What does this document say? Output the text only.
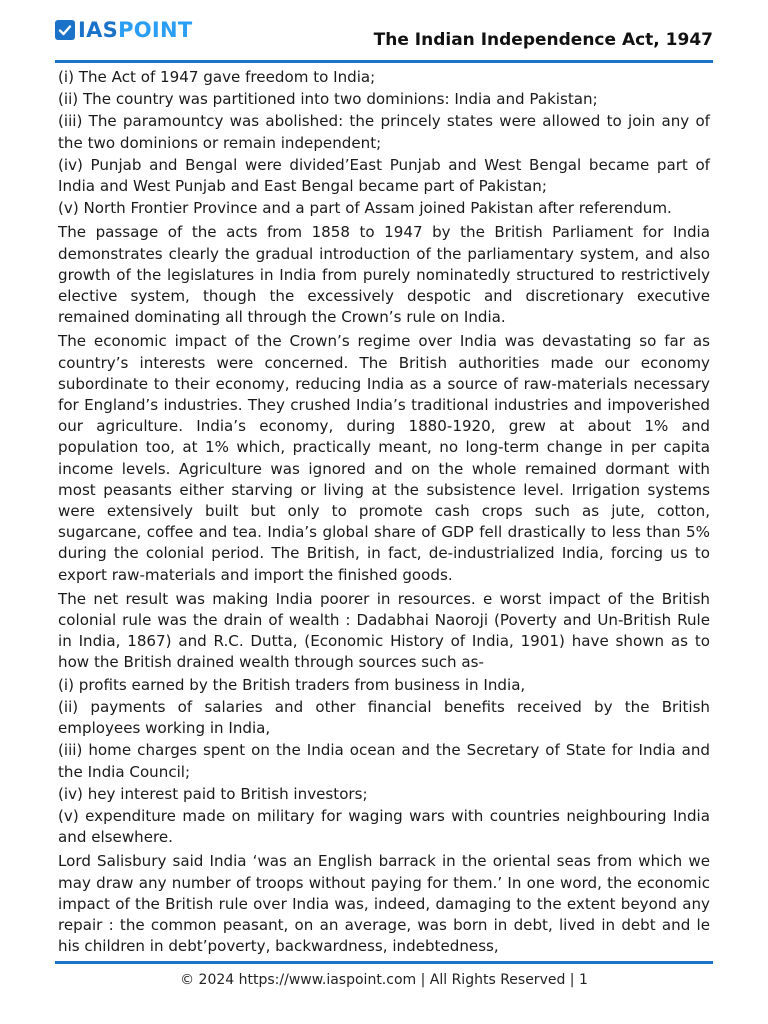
IASPOINT	The Indian Independence Act, 1947

(i) The Act of 1947 gave freedom to India;

(ii) The country was partitioned into two dominions: India and Pakistan;

(iii) The paramountcy was abolished: the princely states were allowed to join any of the two dominions or remain independent;

(iv) Punjab and Bengal were divided’East Punjab and West Bengal became part of India and West Punjab and East Bengal became part of Pakistan;

(v) North Frontier Province and a part of Assam joined Pakistan after referendum.

The passage of the acts from 1858 to 1947 by the British Parliament for India demonstrates clearly the gradual introduction of the parliamentary system, and also growth of the legislatures in India from purely nominatedly structured to restrictively elective system, though the excessively despotic and discretionary executive remained dominating all through the Crown’s rule on India.

The economic impact of the Crown’s regime over India was devastating so far as country’s interests were concerned. The British authorities made our economy subordinate to their economy, reducing India as a source of raw-materials necessary for England’s industries. They crushed India’s traditional industries and impoverished our agriculture. India’s economy, during 1880-1920, grew at about 1% and population too, at 1% which, practically meant, no long-term change in per capita income levels. Agriculture was ignored and on the whole remained dormant with most peasants either starving or living at the subsistence level. Irrigation systems were extensively built but only to promote cash crops such as jute, cotton, sugarcane, coffee and tea. India’s global share of GDP fell drastically to less than 5% during the colonial period. The British, in fact, de-industrialized India, forcing us to export raw-materials and import the finished goods.

The net result was making India poorer in resources. e worst impact of the British colonial rule was the drain of wealth : Dadabhai Naoroji (Poverty and Un-British Rule in India, 1867) and R.C. Dutta, (Economic History of India, 1901) have shown as to how the British drained wealth through sources such as-

(i) profits earned by the British traders from business in India,

(ii) payments of salaries and other financial benefits received by the British employees working in India,

(iii) home charges spent on the India ocean and the Secretary of State for India and the India Council;

(iv) hey interest paid to British investors;

(v) expenditure made on military for waging wars with countries neighbouring India and elsewhere.

Lord Salisbury said India ‘was an English barrack in the oriental seas from which we may draw any number of troops without paying for them.’ In one word, the economic impact of the British rule over India was, indeed, damaging to the extent beyond any repair : the common peasant, on an average, was born in debt, lived in debt and le his children in debt’poverty, backwardness, indebtedness,

© 2024 https://www.iaspoint.com | All Rights Reserved | 1
